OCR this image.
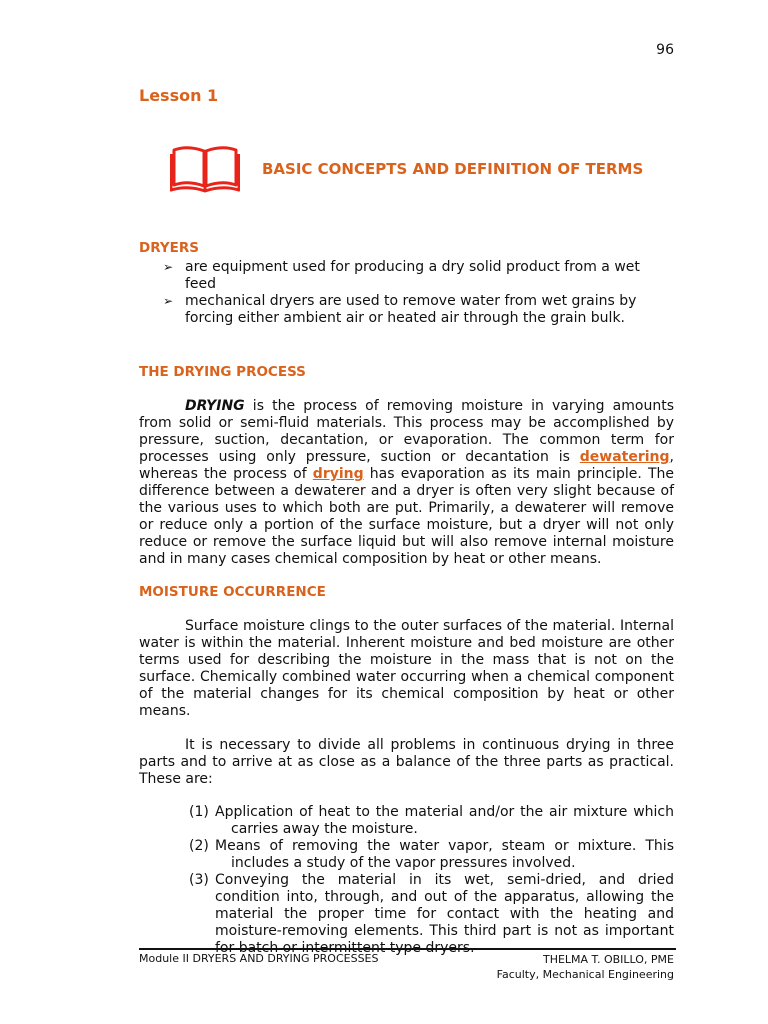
96
Lesson 1
BASIC CONCEPTS AND DEFINITION OF TERMS
DRYERS
➢ are equipment used for producing a dry solid product from a wet feed
➢ mechanical dryers are used to remove water from wet grains by forcing either ambient air or heated air through the grain bulk.
THE DRYING PROCESS

DRYING is the process of removing moisture in varying amounts from solid or semi-fluid materials. This process may be accomplished by pressure, suction, decantation, or evaporation. The common term for processes using only pressure, suction or decantation is dewatering, whereas the process of drying has evaporation as its main principle. The difference between a dewaterer and a dryer is often very slight because of the various uses to which both are put. Primarily, a dewaterer will remove or reduce only a portion of the surface moisture, but a dryer will not only reduce or remove the surface liquid but will also remove internal moisture and in many cases chemical composition by heat or other means.

MOISTURE OCCURRENCE

Surface moisture clings to the outer surfaces of the material. Internal water is within the material. Inherent moisture and bed moisture are other terms used for describing the moisture in the mass that is not on the surface. Chemically combined water occurring when a chemical component of the material changes for its chemical composition by heat or other means.

It is necessary to divide all problems in continuous drying in three parts and to arrive at as close as a balance of the three parts as practical. These are:

(1) Application of heat to the material and/or the air mixture which carries away the moisture.
(2) Means of removing the water vapor, steam or mixture. This includes a study of the vapor pressures involved.
(3) Conveying the material in its wet, semi-dried, and dried condition into, through, and out of the apparatus, allowing the material the proper time for contact with the heating and moisture-removing elements. This third part is not as important for batch or intermittent type dryers.
Module II DRYERS AND DRYING PROCESSES	THELMA T. OBILLO, PME
Faculty, Mechanical Engineering
